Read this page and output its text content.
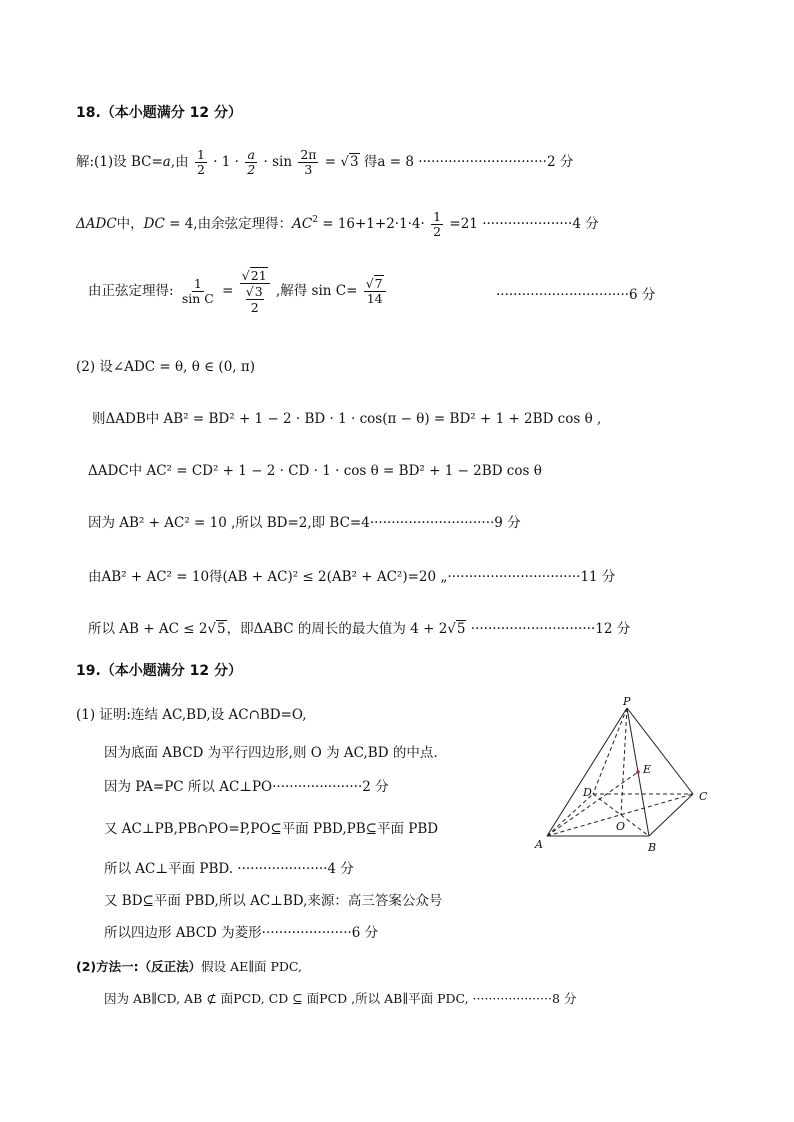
18.（本小题满分 12 分）
解:(1)设 BC=a,由 $\frac{1}{2} \cdot 1 \cdot \frac{a}{2} \cdot \sin \frac{2\pi}{3} = √3$ 得a = 8 ······························2 分
ΔADC中，DC = 4,由余弦定理得：$AC^2 = 16+1+2\cdot 1\cdot 4\cdot \frac{1}{2} =21 \cdot\cdot\cdot\cdot\cdot\cdot\cdot\cdot\cdot\cdot\cdot\cdot\cdot\cdot\cdot\cdot\cdot\cdot\cdot\cdot\cdot 4$ 分
由正弦定理得: $\frac{1}{\text{sin C}} = √21$
√3
2 ,解得 $\sin C= \frac{√7}{14}$	·······························6 分
(2) 设∠ADC = θ, θ ∈ (0, π)
则ΔADB中 AB² = BD² + 1 − 2 · BD · 1 · cos(π − θ) = BD² + 1 + 2BD cos θ ,
ΔADC中 AC² = CD² + 1 − 2 · CD · 1 · cos θ = BD² + 1 − 2BD cos θ
因为 AB² + AC² = 10 ,所以 BD=2,即 BC=4·····························9 分
由AB² + AC² = 10得(AB + AC)² ≤ 2(AB² + AC²)=20 „·······························11 分
所以 AB + AC ≤ 2√5，即ΔABC 的周长的最大值为 4 + 2√5 ·····························12 分
19.（本小题满分 12 分）
(1) 证明:连结 AC,BD,设 AC∩BD=O,
因为底面 ABCD 为平行四边形,则 O 为 AC,BD 的中点.
因为 PA=PC 所以 AC⊥PO·····················2 分
又 AC⊥PB,PB∩PO=P,PO⊆平面 PBD,PB⊆平面 PBD
所以 AC⊥平面 PBD. ·····················4 分
又 BD⊆平面 PBD,所以 AC⊥BD,来源：高三答案公众号
所以四边形 ABCD 为菱形·····················6 分
(2)方法一:（反正法）假设 AE∥面 PDC,
因为 AB∥CD, AB ⊄ 面PCD, CD ⊆ 面PCD ,所以 AB∥平面 PDC, ····················8 分
P
E
D	C
O
A	B
